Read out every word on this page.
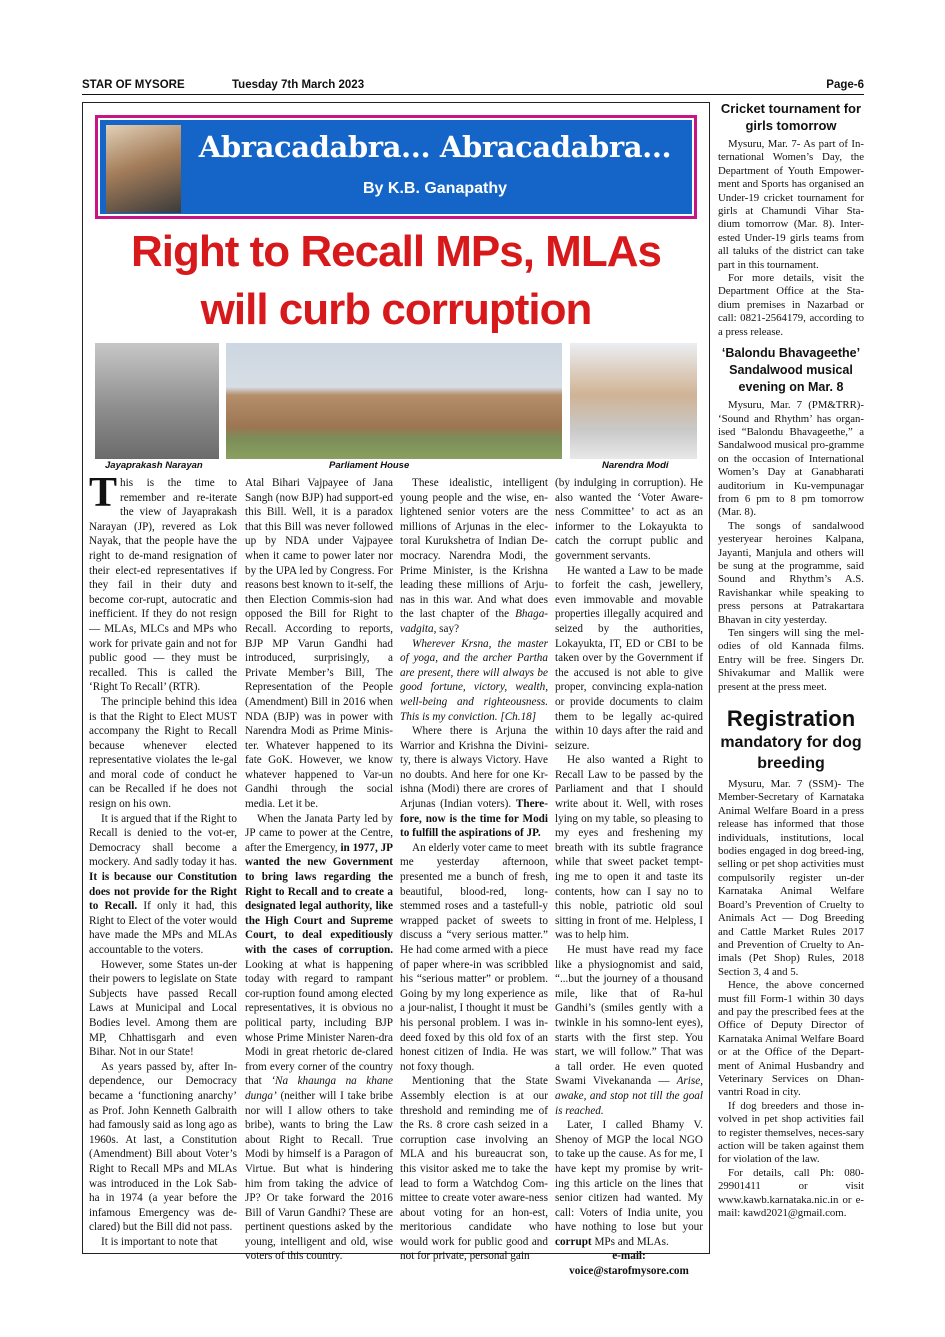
STAR OF MYSORE	Tuesday 7th March 2023	Page-6
Abracadabra... Abracadabra...
By K.B. Ganapathy
Right to Recall MPs, MLAs
will curb corruption
Jayaprakash Narayan	Parliament House	Narendra Modi

This is the time to remember and re-iterate the view of Jayaprakash Narayan (JP), revered as Lok Nayak, that the people have the right to de-mand resignation of their elect-ed representatives if they fail in their duty and become cor-rupt, autocratic and inefficient. If they do not resign — MLAs, MLCs and MPs who work for private gain and not for public good — they must be recalled. This is called the ‘Right To Recall’ (RTR).

The principle behind this idea is that the Right to Elect MUST accompany the Right to Recall because whenever elected representative violates the le-gal and moral code of conduct he can be Recalled if he does not resign on his own.

It is argued that if the Right to Recall is denied to the vot-er, Democracy shall become a mockery. And sadly today it has. It is because our Constitution does not provide for the Right to Recall. If only it had, this Right to Elect of the voter would have made the MPs and MLAs accountable to the voters.

However, some States un-der their powers to legislate on State Subjects have passed Recall Laws at Municipal and Local Bodies level. Among them are MP, Chhattisgarh and even Bihar. Not in our State!

As years passed by, after In-dependence, our Democracy became a ‘functioning anarchy’ as Prof. John Kenneth Galbraith had famously said as long ago as 1960s. At last, a Constitution (Amendment) Bill about Voter’s Right to Recall MPs and MLAs was introduced in the Lok Sab-ha in 1974 (a year before the infamous Emergency was de-clared) but the Bill did not pass.

It is important to note that

Atal Bihari Vajpayee of Jana Sangh (now BJP) had support-ed this Bill. Well, it is a paradox that this Bill was never followed up by NDA under Vajpayee when it came to power later nor by the UPA led by Congress. For reasons best known to it-self, the then Election Commis-sion had opposed the Bill for Right to Recall. According to reports, BJP MP Varun Gandhi had introduced, surprisingly, a Private Member’s Bill, The Representation of the People (Amendment) Bill in 2016 when NDA (BJP) was in power with Narendra Modi as Prime Minis-ter. Whatever happened to its fate GoK. However, we know whatever happened to Var-un Gandhi through the social media. Let it be.

When the Janata Party led by JP came to power at the Centre, after the Emergency, in 1977, JP wanted the new Government to bring laws regarding the Right to Recall and to create a designated legal authority, like the High Court and Supreme Court, to deal expeditiously with the cases of corruption. Looking at what is happening today with regard to rampant cor-ruption found among elected representatives, it is obvious no political party, including BJP whose Prime Minister Naren-dra Modi in great rhetoric de-clared from every corner of the country that ‘Na khaunga na khane dunga’ (neither will I take bribe nor will I allow others to take bribe), wants to bring the Law about Right to Recall. True Modi by himself is a Paragon of Virtue. But what is hindering him from taking the advice of JP? Or take forward the 2016 Bill of Varun Gandhi? These are pertinent questions asked by the young, intelligent and old, wise voters of this country.

These idealistic, intelligent young people and the wise, en-lightened senior voters are the millions of Arjunas in the elec-toral Kurukshetra of Indian De-mocracy. Narendra Modi, the Prime Minister, is the Krishna leading these millions of Arju-nas in this war. And what does the last chapter of the Bhaga-vadgita, say?

Wherever Krsna, the master of yoga, and the archer Partha are present, there will always be good fortune, victory, wealth, well-being and righteousness. This is my conviction. [Ch.18]

Where there is Arjuna the Warrior and Krishna the Divini-ty, there is always Victory. Have no doubts. And here for one Kr-ishna (Modi) there are crores of Arjunas (Indian voters). There-fore, now is the time for Modi to fulfill the aspirations of JP.

An elderly voter came to meet me yesterday afternoon, presented me a bunch of fresh, beautiful, blood-red, long-stemmed roses and a tastefull-y wrapped packet of sweets to discuss a “very serious matter.” He had come armed with a piece of paper where-in was scribbled his “serious matter” or problem. Going by my long experience as a jour-nalist, I thought it must be his personal problem. I was in-deed foxed by this old fox of an honest citizen of India. He was not foxy though.

Mentioning that the State Assembly election is at our threshold and reminding me of the Rs. 8 crore cash seized in a corruption case involving an MLA and his bureaucrat son, this visitor asked me to take the lead to form a Watchdog Com-mittee to create voter aware-ness about voting for an hon-est, meritorious candidate who would work for public good and not for private, personal gain

(by indulging in corruption). He also wanted the ‘Voter Aware-ness Committee’ to act as an informer to the Lokayukta to catch the corrupt public and government servants.

He wanted a Law to be made to forfeit the cash, jewellery, even immovable and movable properties illegally acquired and seized by the authorities, Lokayukta, IT, ED or CBI to be taken over by the Government if the accused is not able to give proper, convincing expla-nation or provide documents to claim them to be legally ac-quired within 10 days after the raid and seizure.

He also wanted a Right to Recall Law to be passed by the Parliament and that I should write about it. Well, with roses lying on my table, so pleasing to my eyes and freshening my breath with its subtle fragrance while that sweet packet tempt-ing me to open it and taste its contents, how can I say no to this noble, patriotic old soul sitting in front of me. Helpless, I was to help him.

He must have read my face like a physiognomist and said, “...but the journey of a thousand mile, like that of Ra-hul Gandhi’s (smiles gently with a twinkle in his somno-lent eyes), starts with the first step. You start, we will follow.” That was a tall order. He even quoted Swami Vivekananda — Arise, awake, and stop not till the goal is reached.

Later, I called Bhamy V. Shenoy of MGP the local NGO to take up the cause. As for me, I have kept my promise by writ-ing this article on the lines that senior citizen had wanted. My call: Voters of India unite, you have nothing to lose but your corrupt MPs and MLAs.

e-mail:

voice@starofmysore.com

Cricket tournament for girls tomorrow

Mysuru, Mar. 7- As part of In-ternational Women’s Day, the Department of Youth Empower-ment and Sports has organised an Under-19 cricket tournament for girls at Chamundi Vihar Sta-dium tomorrow (Mar. 8). Inter-ested Under-19 girls teams from all taluks of the district can take part in this tournament.

For more details, visit the Department Office at the Sta-dium premises in Nazarbad or call: 0821-2564179, according to a press release.

‘Balondu Bhavageethe’ Sandalwood musical evening on Mar. 8

Mysuru, Mar. 7 (PM&TRR)- ‘Sound and Rhythm’ has organ-ised “Balondu Bhavageethe,” a Sandalwood musical pro-gramme on the occasion of International Women’s Day at Ganabharati auditorium in Ku-vempunagar from 6 pm to 8 pm tomorrow (Mar. 8).

The songs of sandalwood yesteryear heroines Kalpana, Jayanti, Manjula and others will be sung at the programme, said Sound and Rhythm’s A.S. Ravishankar while speaking to press persons at Patrakartara Bhavan in city yesterday.

Ten singers will sing the mel-odies of old Kannada films. Entry will be free. Singers Dr. Shivakumar and Mallik were present at the press meet.

Registration
mandatory for dog breeding

Mysuru, Mar. 7 (SSM)- The Member-Secretary of Karnataka Animal Welfare Board in a press release has informed that those individuals, institutions, local bodies engaged in dog breed-ing, selling or pet shop activities must compulsorily register un-der Karnataka Animal Welfare Board’s Prevention of Cruelty to Animals Act — Dog Breeding and Cattle Market Rules 2017 and Prevention of Cruelty to An-imals (Pet Shop) Rules, 2018 Section 3, 4 and 5.

Hence, the above concerned must fill Form-1 within 30 days and pay the prescribed fees at the Office of Deputy Director of Karnataka Animal Welfare Board or at the Office of the Depart-ment of Animal Husbandry and Veterinary Services on Dhan-vantri Road in city.

If dog breeders and those in-volved in pet shop activities fail to register themselves, neces-sary action will be taken against them for violation of the law.

For details, call Ph: 080-29901411 or visit www.kawb.karnataka.nic.in or e-mail: kawd2021@gmail.com.
